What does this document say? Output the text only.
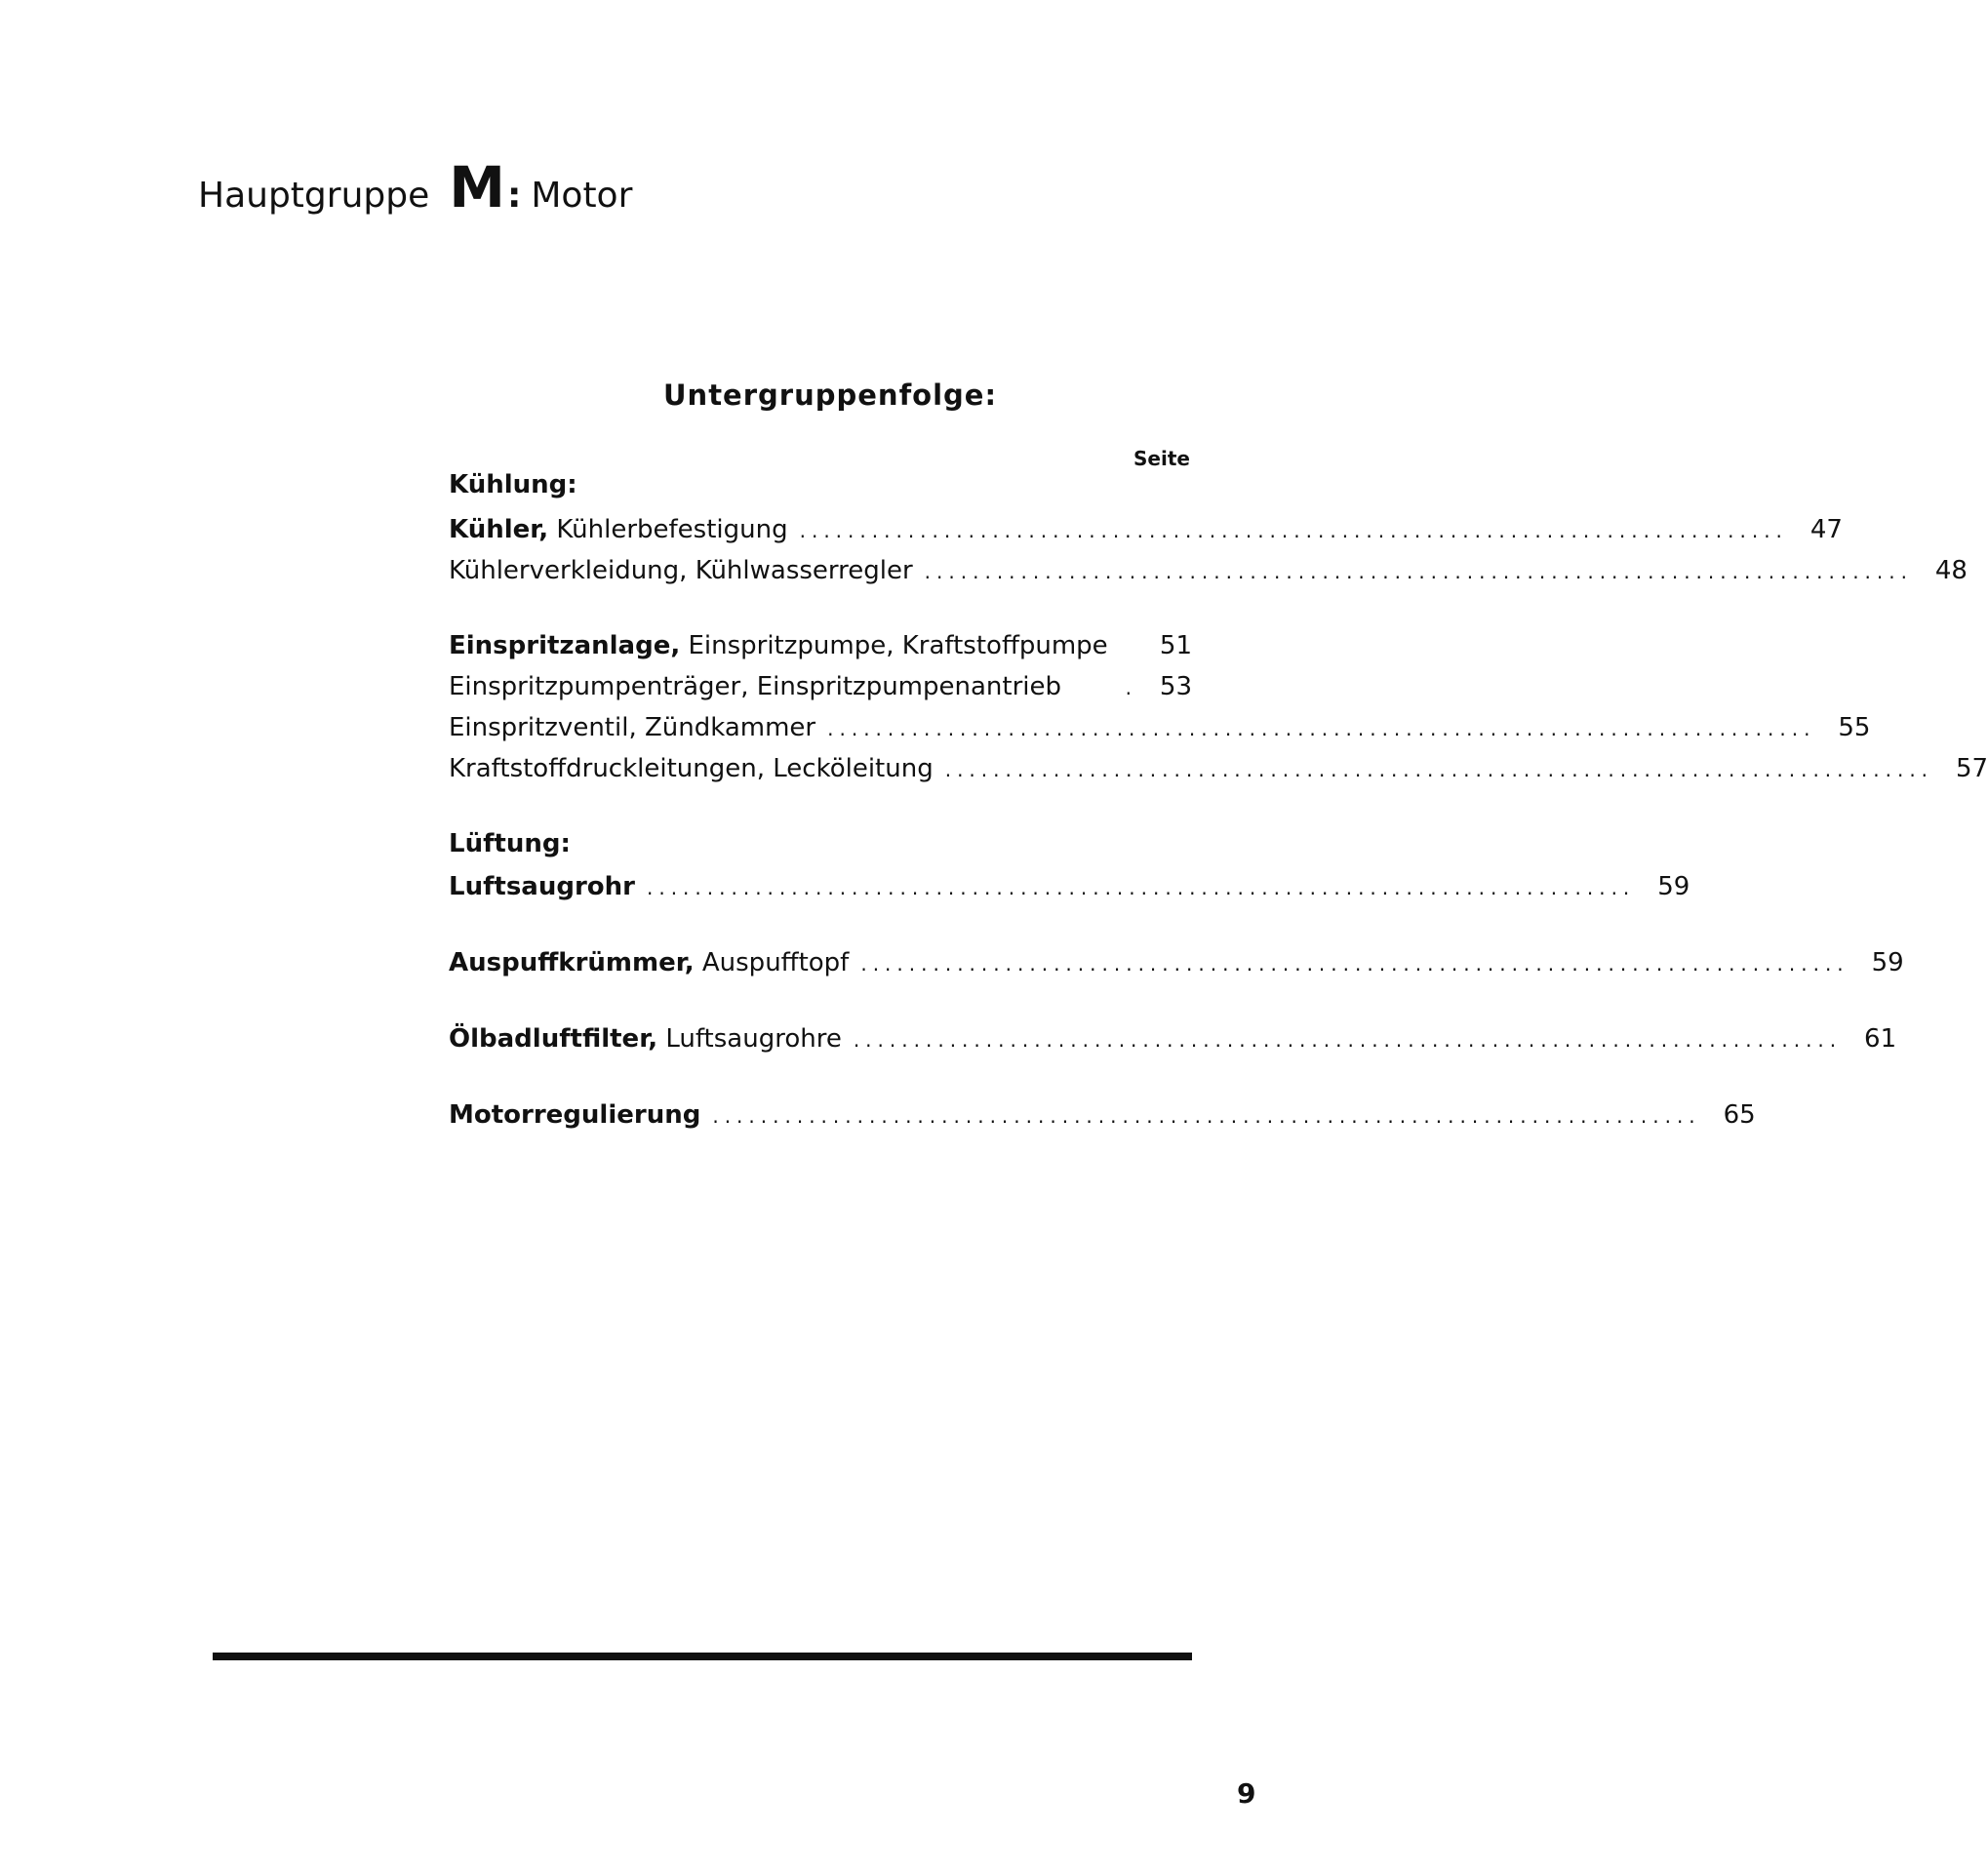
Hauptgruppe M : Motor
Untergruppenfolge:
Seite
Kühlung:
Kühler, Kühlerbefestigung .................................................................................. 47
Kühlerverkleidung, Kühlwasserregler .................................................................................. 48
Einspritzanlage, Einspritzpumpe, Kraftstoffpumpe	51
Einspritzpumpenträger, Einspritzpumpenantrieb	. 53
Einspritzventil, Zündkammer .................................................................................. 55
Kraftstoffdruckleitungen, Lecköleitung .................................................................................. 57
Lüftung:
Luftsaugrohr .................................................................................. 59
Auspuffkrümmer, Auspufftopf .................................................................................. 59
Ölbadluftfilter, Luftsaugrohre .................................................................................. 61
Motorregulierung .................................................................................. 65
9
